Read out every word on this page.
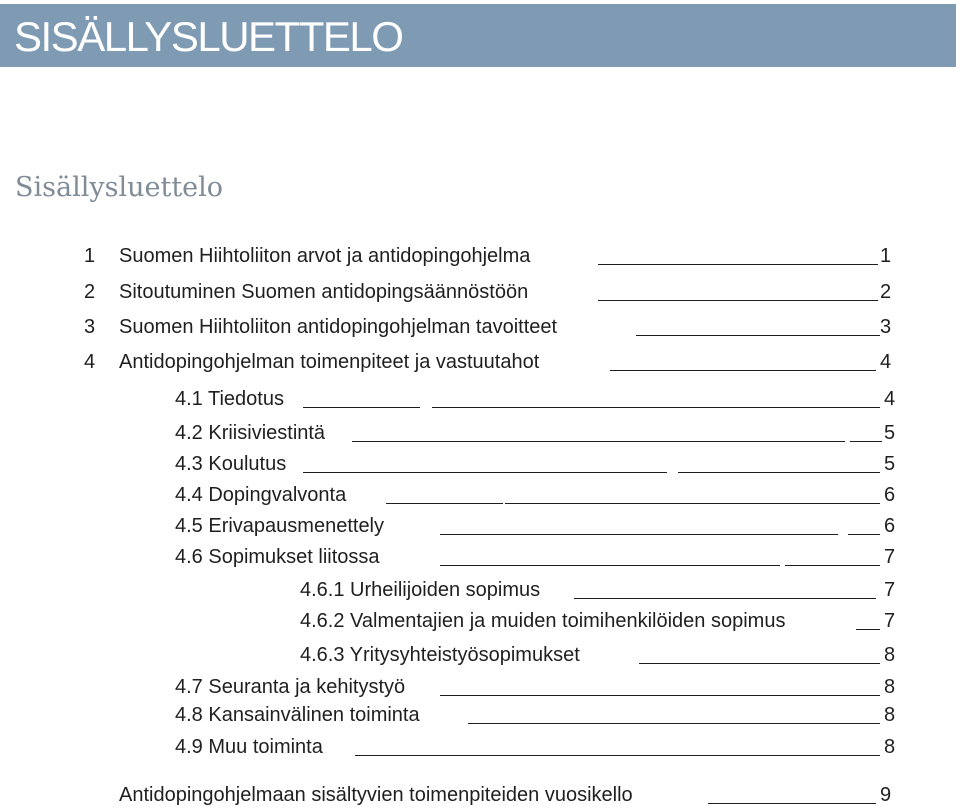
SISÄLLYSLUETTELO
Sisällysluettelo
1 Suomen Hiihtoliiton arvot ja antidopingohjelma	1
2 Sitoutuminen Suomen antidopingsäännöstöön	2
3 Suomen Hiihtoliiton antidopingohjelman tavoitteet	3
4 Antidopingohjelman toimenpiteet ja vastuutahot	4
4.1 Tiedotus	4
4.2 Kriisiviestintä	5
4.3 Koulutus	5
4.4 Dopingvalvonta	6
4.5 Erivapausmenettely	6
4.6 Sopimukset liitossa	7
4.6.1 Urheilijoiden sopimus	7
4.6.2 Valmentajien ja muiden toimihenkilöiden sopimus	7
4.6.3 Yritysyhteistyösopimukset	8
4.7 Seuranta ja kehitystyö	8
4.8 Kansainvälinen toiminta	8
4.9 Muu toiminta	8
Antidopingohjelmaan sisältyvien toimenpiteiden vuosikello	9
